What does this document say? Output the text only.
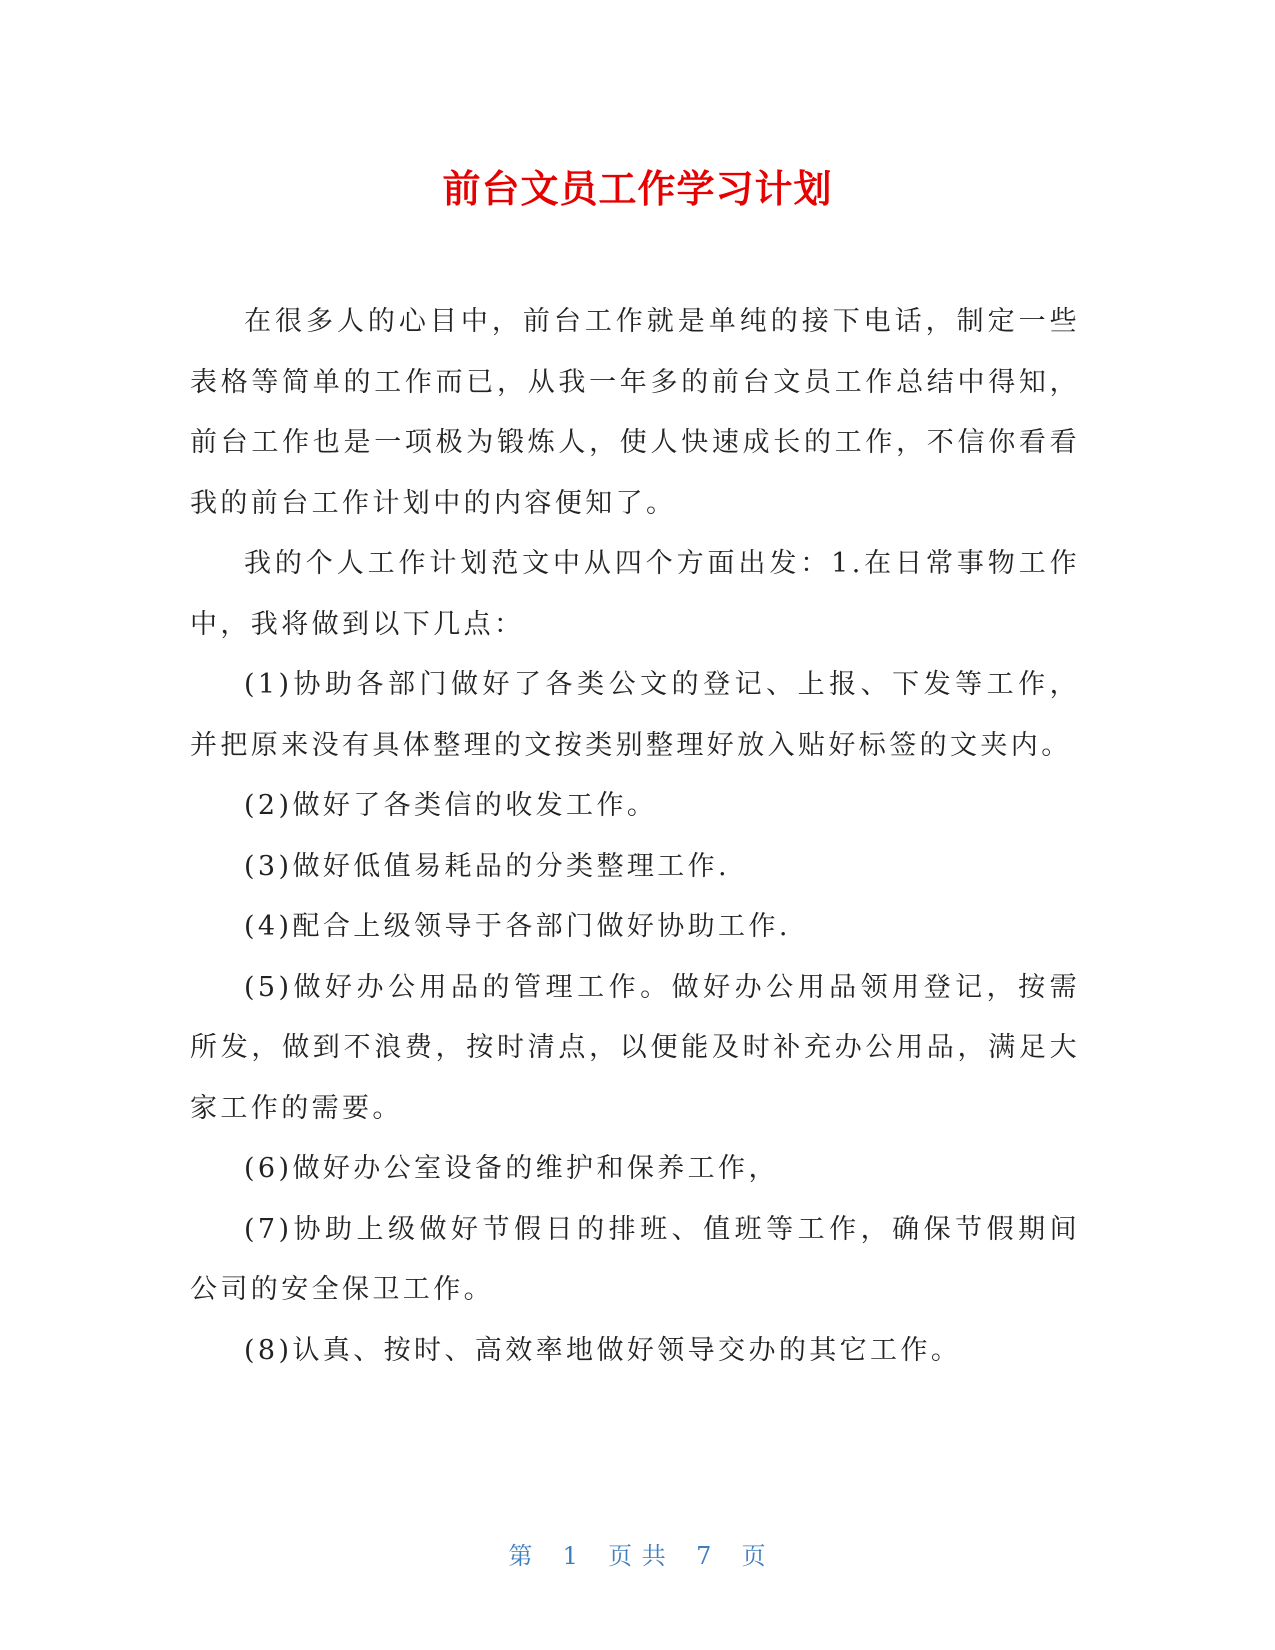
前台文员工作学习计划

在很多人的心目中，前台工作就是单纯的接下电话，制定一些表格等简单的工作而已，从我一年多的前台文员工作总结中得知，前台工作也是一项极为锻炼人，使人快速成长的工作，不信你看看我的前台工作计划中的内容便知了。

我的个人工作计划范文中从四个方面出发：1.在日常事物工作中，我将做到以下几点：

(1)协助各部门做好了各类公文的登记、上报、下发等工作，并把原来没有具体整理的文按类别整理好放入贴好标签的文夹内。

(2)做好了各类信的收发工作。

(3)做好低值易耗品的分类整理工作.

(4)配合上级领导于各部门做好协助工作.

(5)做好办公用品的管理工作。做好办公用品领用登记，按需所发，做到不浪费，按时清点，以便能及时补充办公用品，满足大家工作的需要。

(6)做好办公室设备的维护和保养工作，

(7)协助上级做好节假日的排班、值班等工作，确保节假期间公司的安全保卫工作。

(8)认真、按时、高效率地做好领导交办的其它工作。

第 1 页 共 7 页
